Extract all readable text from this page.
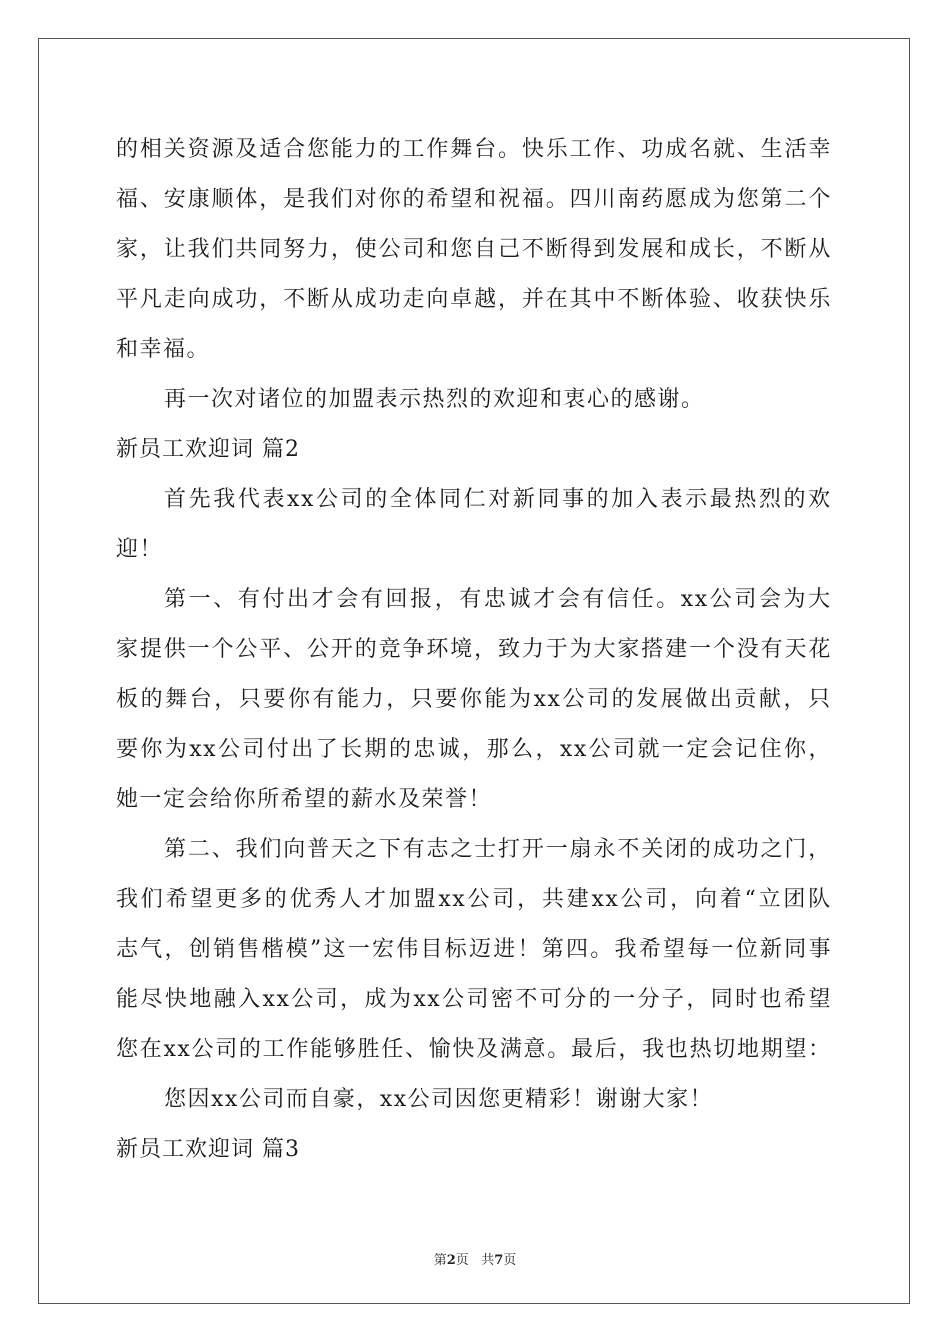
的 相 关 资 源 及 适 合 您 能 力 的 工 作 舞 台 。 快 乐 工 作 、 功 成 名 就 、 生 活 幸
福 、 安 康 顺 体 ， 是 我 们 对 你 的 希 望 和 祝 福 。 四 川 南 药 愿 成 为 您 第 二 个
家 ， 让 我 们 共 同 努 力 ， 使 公 司 和 您 自 己 不 断 得 到 发 展 和 成 长 ， 不 断 从
平 凡 走 向 成 功 ， 不 断 从 成 功 走 向 卓 越 ， 并 在 其 中 不 断 体 验 、 收 获 快 乐
和幸福。
再一次对诸位的加盟表示热烈的欢迎和衷心的感谢。
新员工欢迎词 篇2
首 先 我 代 表 xx 公 司 的 全 体 同 仁 对 新 同 事 的 加 入 表 示 最 热 烈 的 欢
迎！
第 一 、 有 付 出 才 会 有 回 报 ， 有 忠 诚 才 会 有 信 任 。 xx 公 司 会 为 大
家 提 供 一 个 公 平 、 公 开 的 竞 争 环 境 ， 致 力 于 为 大 家 搭 建 一 个 没 有 天 花
板 的 舞 台 ， 只 要 你 有 能 力 ， 只 要 你 能 为 xx 公 司 的 发 展 做 出 贡 献 ， 只
要 你 为 xx 公 司 付 出 了 长 期 的 忠 诚 ， 那 么 ， xx 公 司 就 一 定 会 记 住 你 ，
她一定会给你所希望的薪水及荣誉！
第 二 、 我 们 向 普 天 之 下 有 志 之 士 打 开 一 扇 永 不 关 闭 的 成 功 之 门 ，
我 们 希 望 更 多 的 优 秀 人 才 加 盟 xx 公 司 ， 共 建 xx 公 司 ， 向 着 “ 立 团 队
志 气 ， 创 销 售 楷 模 ” 这 一 宏 伟 目 标 迈 进 ！ 第 四 。 我 希 望 每 一 位 新 同 事
能 尽 快 地 融 入 xx 公 司 ， 成 为 xx 公 司 密 不 可 分 的 一 分 子 ， 同 时 也 希 望
您 在 xx 公 司 的 工 作 能 够 胜 任 、 愉 快 及 满 意 。 最 后 ， 我 也 热 切 地 期 望 ：
您因xx公司而自豪，xx公司因您更精彩！谢谢大家！
新员工欢迎词 篇3
第2页 共7页
